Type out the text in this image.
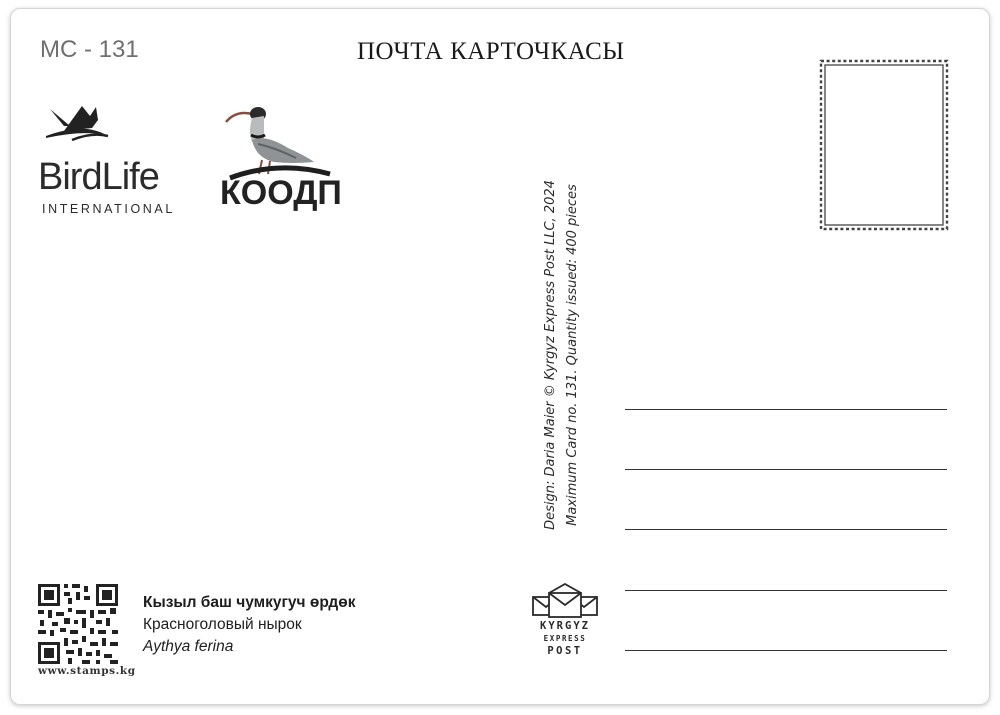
MC - 131	ПОЧТА КАРТОЧКАСЫ
BirdLife
INTERNATIONAL КООДП	Design: Daria Maier © Kyrgyz Express Post LLC, 2024 Maximum Card no. 131. Quantity issued: 400 pieces
www.stamps.kg
Кызыл баш чумкугуч өрдөк
Красноголовый нырок
Aythya ferina
KYRGYZ
EXPRESS
POST
